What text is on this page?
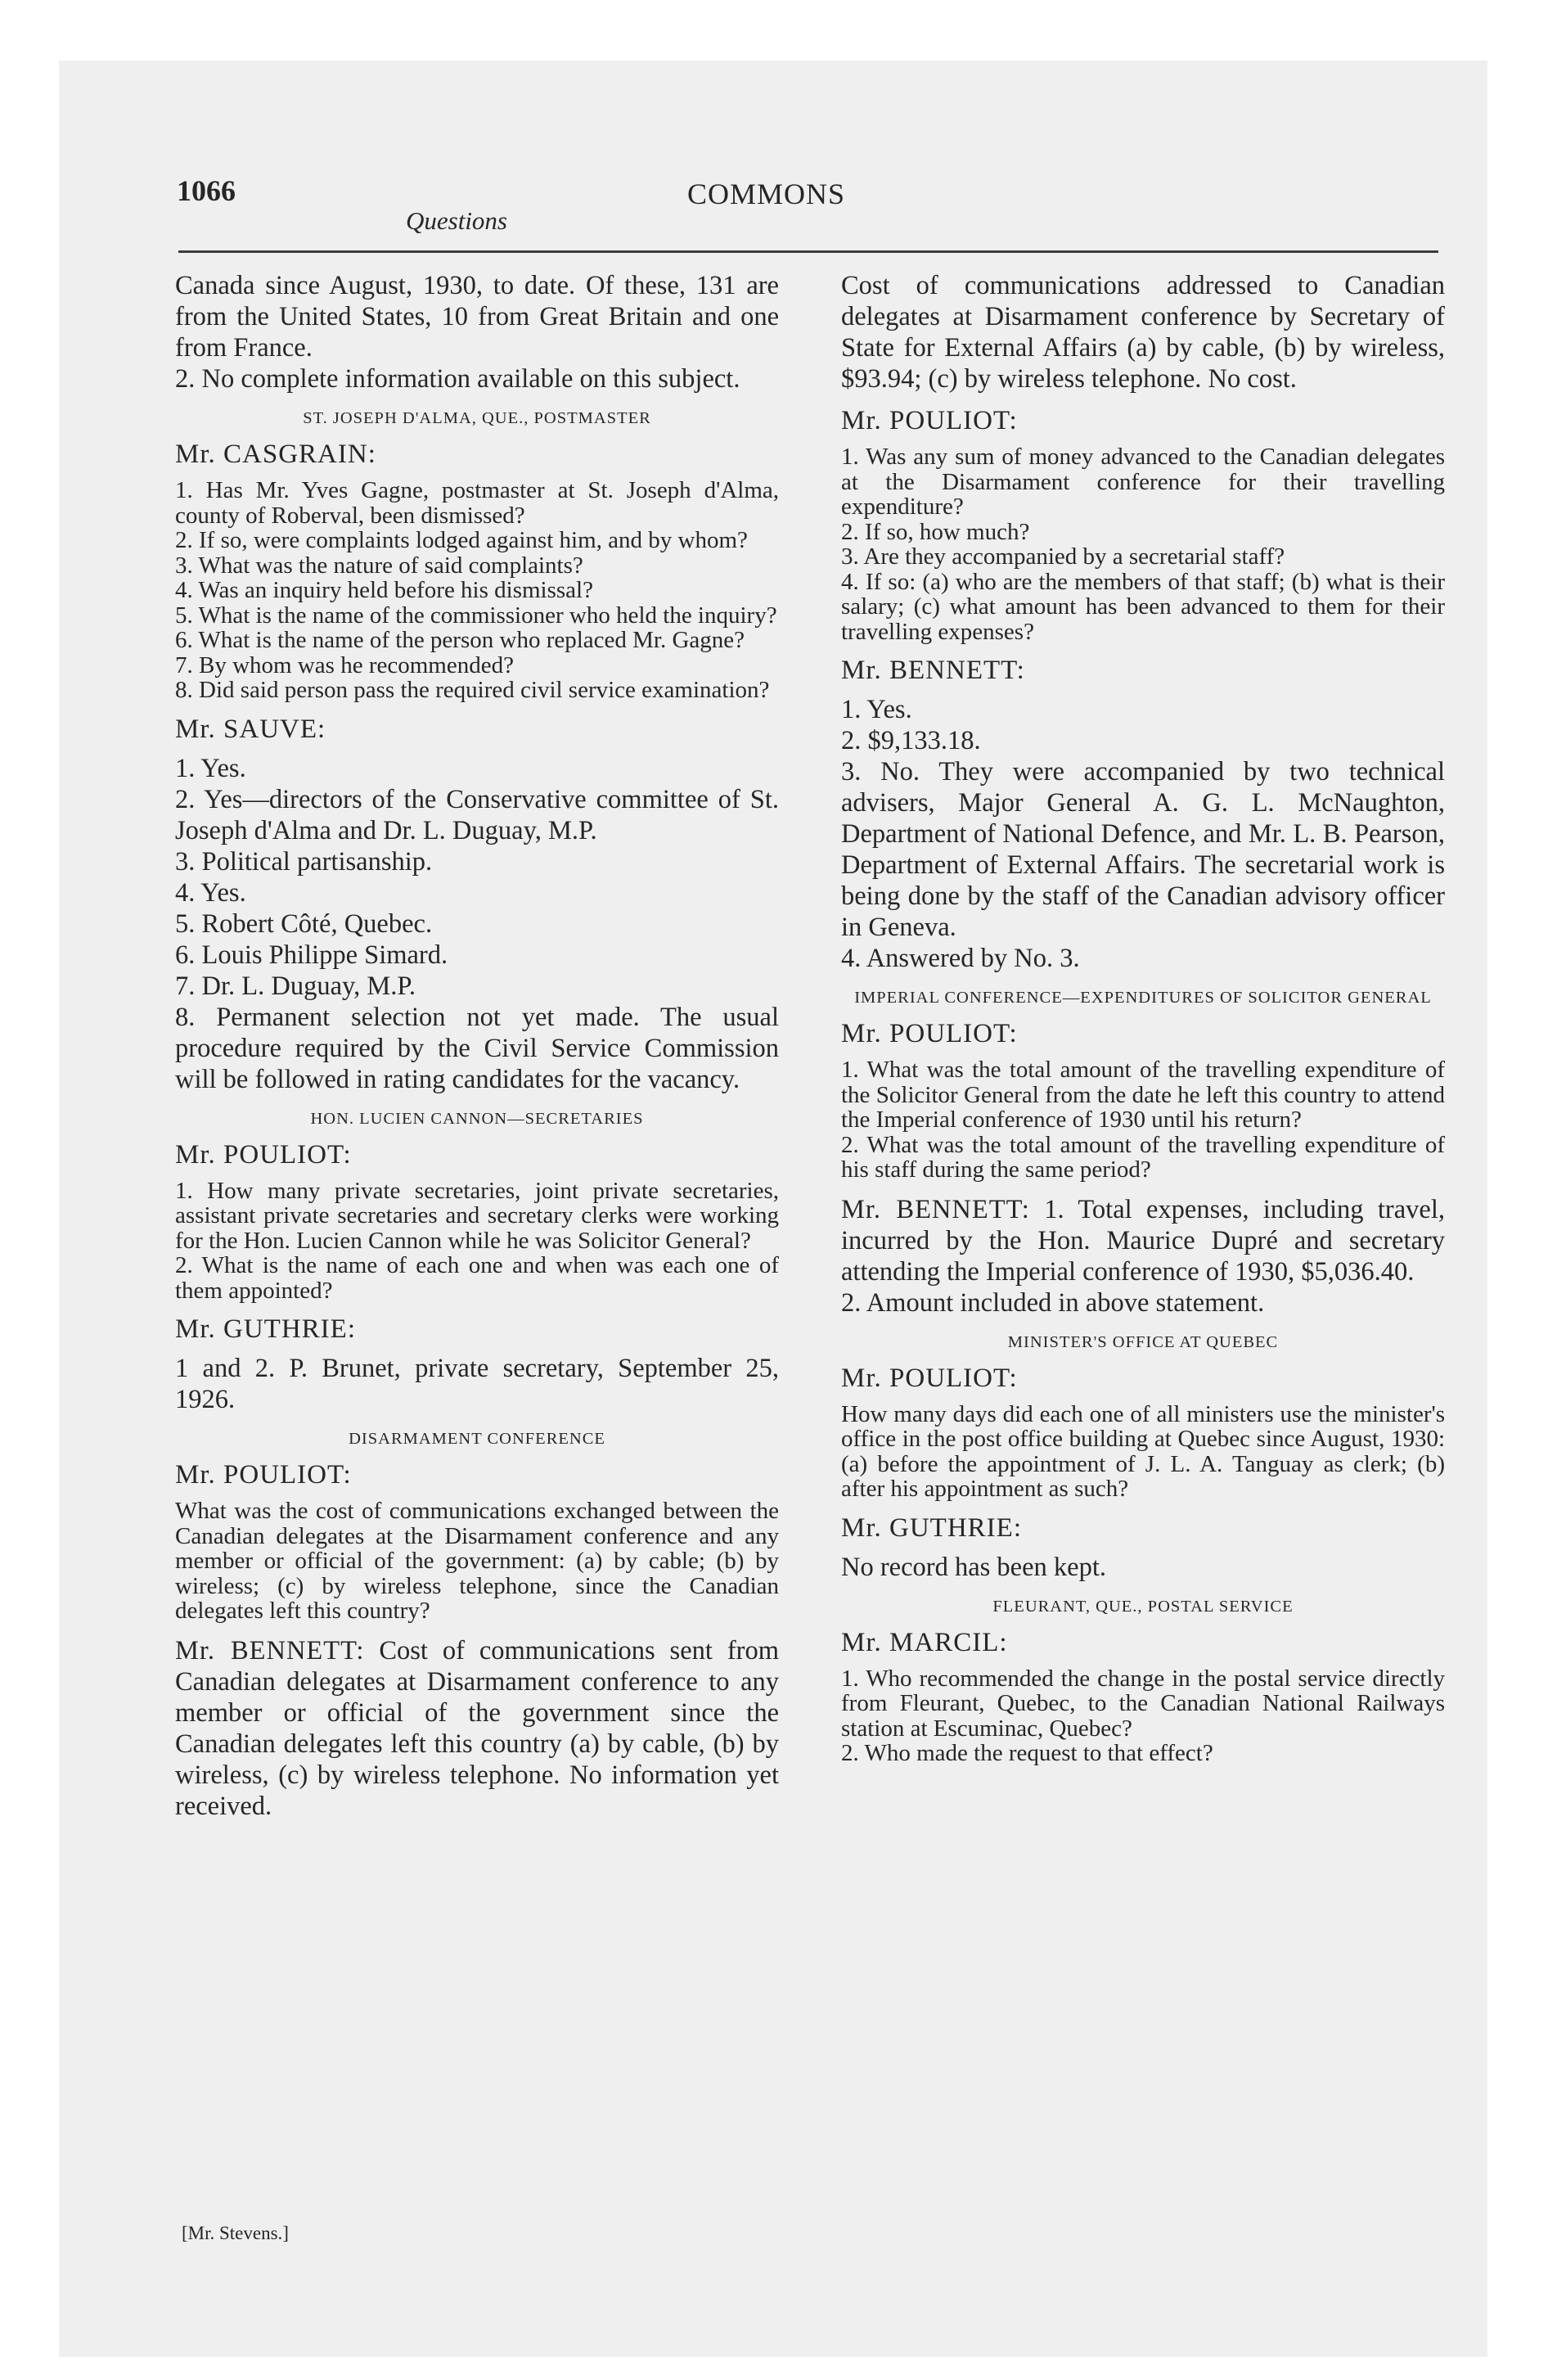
1066	COMMONS
Questions

Canada since August, 1930, to date. Of these, 131 are from the United States, 10 from Great Britain and one from France.

2. No complete information available on this subject.

ST. JOSEPH D'ALMA, QUE., POSTMASTER

Mr. CASGRAIN:

1. Has Mr. Yves Gagne, postmaster at St. Joseph d'Alma, county of Roberval, been dismissed?

2. If so, were complaints lodged against him, and by whom?

3. What was the nature of said complaints?

4. Was an inquiry held before his dismissal?

5. What is the name of the commissioner who held the inquiry?

6. What is the name of the person who replaced Mr. Gagne?

7. By whom was he recommended?

8. Did said person pass the required civil service examination?

Mr. SAUVE:

1. Yes.

2. Yes—directors of the Conservative committee of St. Joseph d'Alma and Dr. L. Duguay, M.P.

3. Political partisanship.

4. Yes.

5. Robert Côté, Quebec.

6. Louis Philippe Simard.

7. Dr. L. Duguay, M.P.

8. Permanent selection not yet made. The usual procedure required by the Civil Service Commission will be followed in rating candidates for the vacancy.

HON. LUCIEN CANNON—SECRETARIES

Mr. POULIOT:

1. How many private secretaries, joint private secretaries, assistant private secretaries and secretary clerks were working for the Hon. Lucien Cannon while he was Solicitor General?

2. What is the name of each one and when was each one of them appointed?

Mr. GUTHRIE:

1 and 2. P. Brunet, private secretary, September 25, 1926.

DISARMAMENT CONFERENCE

Mr. POULIOT:

What was the cost of communications exchanged between the Canadian delegates at the Disarmament conference and any member or official of the government: (a) by cable; (b) by wireless; (c) by wireless telephone, since the Canadian delegates left this country?

Mr. BENNETT: Cost of communications sent from Canadian delegates at Disarmament conference to any member or official of the government since the Canadian delegates left this country (a) by cable, (b) by wireless, (c) by wireless telephone. No information yet received.

Cost of communications addressed to Canadian delegates at Disarmament conference by Secretary of State for External Affairs (a) by cable, (b) by wireless, $93.94; (c) by wireless telephone. No cost.

Mr. POULIOT:

1. Was any sum of money advanced to the Canadian delegates at the Disarmament conference for their travelling expenditure?

2. If so, how much?

3. Are they accompanied by a secretarial staff?

4. If so: (a) who are the members of that staff; (b) what is their salary; (c) what amount has been advanced to them for their travelling expenses?

Mr. BENNETT:

1. Yes.

2. $9,133.18.

3. No. They were accompanied by two technical advisers, Major General A. G. L. McNaughton, Department of National Defence, and Mr. L. B. Pearson, Department of External Affairs. The secretarial work is being done by the staff of the Canadian advisory officer in Geneva.

4. Answered by No. 3.

IMPERIAL CONFERENCE—EXPENDITURES OF SOLICITOR GENERAL

Mr. POULIOT:

1. What was the total amount of the travelling expenditure of the Solicitor General from the date he left this country to attend the Imperial conference of 1930 until his return?

2. What was the total amount of the travelling expenditure of his staff during the same period?

Mr. BENNETT: 1. Total expenses, including travel, incurred by the Hon. Maurice Dupré and secretary attending the Imperial conference of 1930, $5,036.40.

2. Amount included in above statement.

MINISTER'S OFFICE AT QUEBEC

Mr. POULIOT:

How many days did each one of all ministers use the minister's office in the post office building at Quebec since August, 1930: (a) before the appointment of J. L. A. Tanguay as clerk; (b) after his appointment as such?

Mr. GUTHRIE:

No record has been kept.

FLEURANT, QUE., POSTAL SERVICE

Mr. MARCIL:

1. Who recommended the change in the postal service directly from Fleurant, Quebec, to the Canadian National Railways station at Escuminac, Quebec?

2. Who made the request to that effect?

[Mr. Stevens.]
